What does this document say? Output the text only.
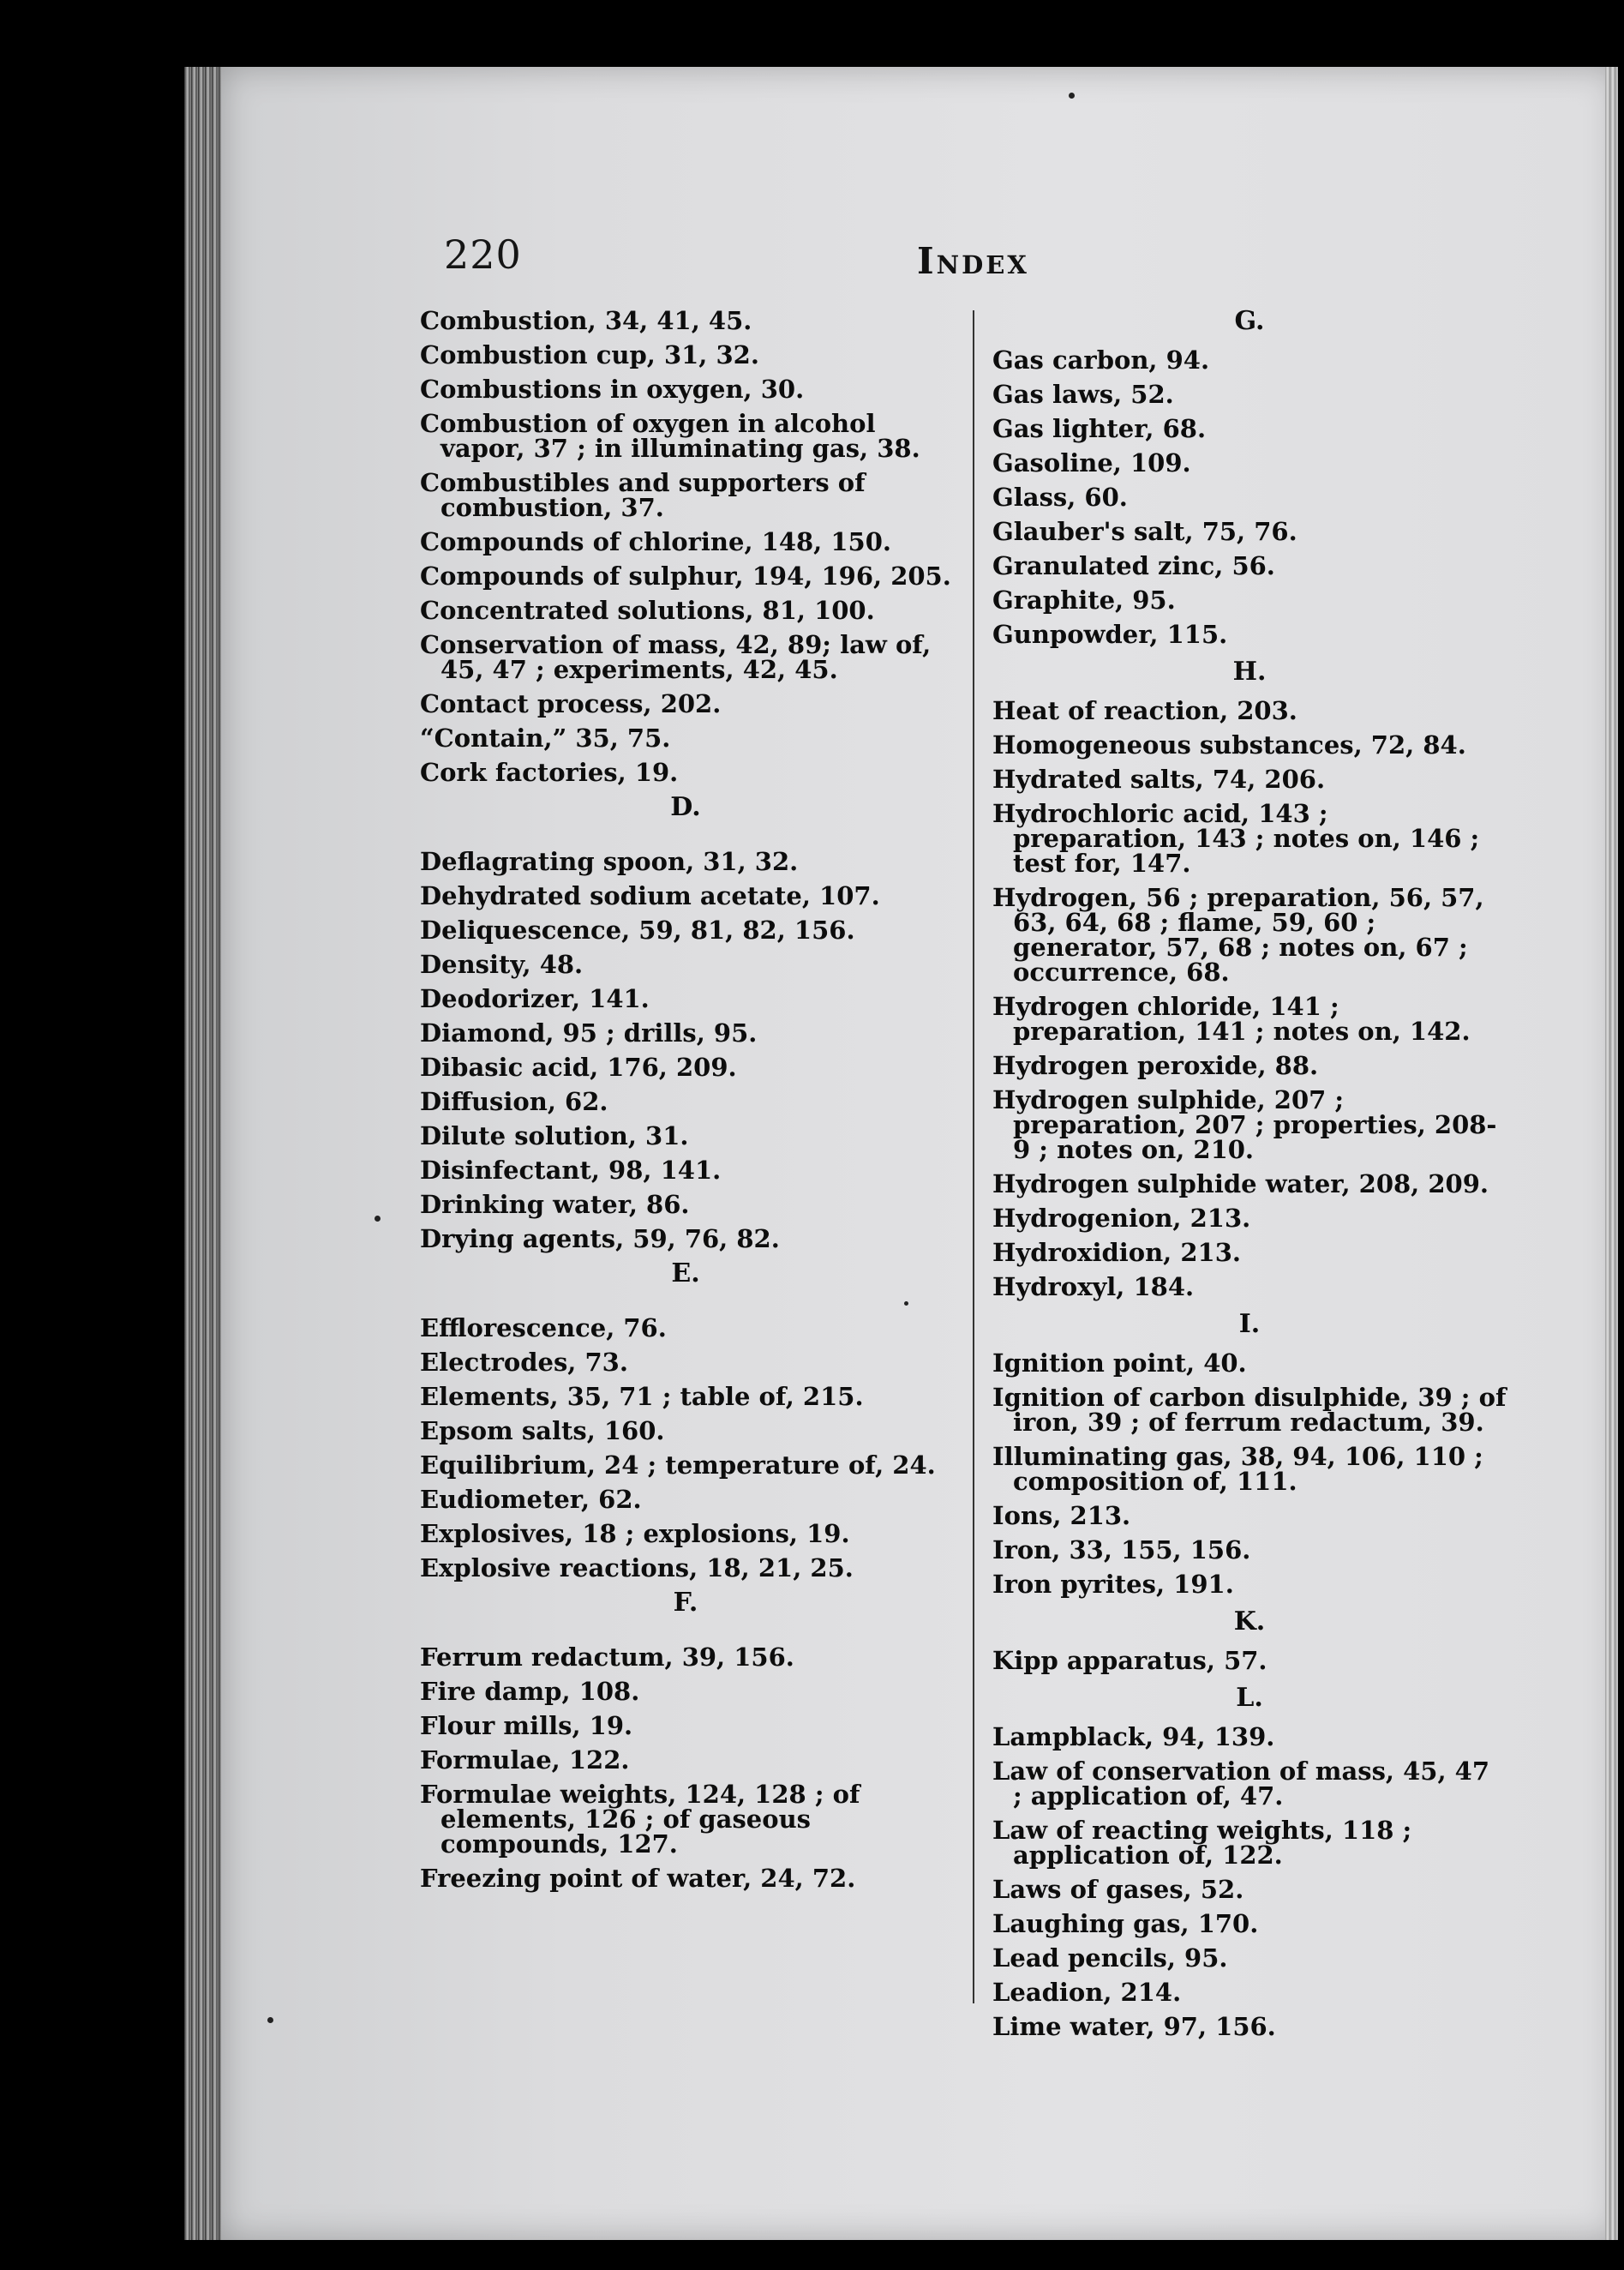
220	Index
Combustion, 34, 41, 45.
Combustion cup, 31, 32.
Combustions in oxygen, 30.
Combustion of oxygen in alcohol vapor, 37 ; in illuminating gas, 38.
Combustibles and supporters of combustion, 37.
Compounds of chlorine, 148, 150.
Compounds of sulphur, 194, 196, 205.
Concentrated solutions, 81, 100.
Conservation of mass, 42, 89; law of, 45, 47 ; experiments, 42, 45.
Contact process, 202.
“Contain,” 35, 75.
Cork factories, 19.
D.
Deflagrating spoon, 31, 32.
Dehydrated sodium acetate, 107.
Deliquescence, 59, 81, 82, 156.
Density, 48.
Deodorizer, 141.
Diamond, 95 ; drills, 95.
Dibasic acid, 176, 209.
Diffusion, 62.
Dilute solution, 31.
Disinfectant, 98, 141.
Drinking water, 86.
Drying agents, 59, 76, 82.
E.
Efflorescence, 76.
Electrodes, 73.
Elements, 35, 71 ; table of, 215.
Epsom salts, 160.
Equilibrium, 24 ; temperature of, 24.
Eudiometer, 62.
Explosives, 18 ; explosions, 19.
Explosive reactions, 18, 21, 25.
F.
Ferrum redactum, 39, 156.
Fire damp, 108.
Flour mills, 19.
Formulae, 122.
Formulae weights, 124, 128 ; of elements, 126 ; of gaseous compounds, 127.
Freezing point of water, 24, 72.
G.
Gas carbon, 94.
Gas laws, 52.
Gas lighter, 68.
Gasoline, 109.
Glass, 60.
Glauber's salt, 75, 76.
Granulated zinc, 56.
Graphite, 95.
Gunpowder, 115.
H.
Heat of reaction, 203.
Homogeneous substances, 72, 84.
Hydrated salts, 74, 206.
Hydrochloric acid, 143 ; preparation, 143 ; notes on, 146 ; test for, 147.
Hydrogen, 56 ; preparation, 56, 57, 63, 64, 68 ; flame, 59, 60 ; generator, 57, 68 ; notes on, 67 ; occurrence, 68.
Hydrogen chloride, 141 ; preparation, 141 ; notes on, 142.
Hydrogen peroxide, 88.
Hydrogen sulphide, 207 ; preparation, 207 ; properties, 208-9 ; notes on, 210.
Hydrogen sulphide water, 208, 209.
Hydrogenion, 213.
Hydroxidion, 213.
Hydroxyl, 184.
I.
Ignition point, 40.
Ignition of carbon disulphide, 39 ; of iron, 39 ; of ferrum redactum, 39.
Illuminating gas, 38, 94, 106, 110 ; composition of, 111.
Ions, 213.
Iron, 33, 155, 156.
Iron pyrites, 191.
K.
Kipp apparatus, 57.
L.
Lampblack, 94, 139.
Law of conservation of mass, 45, 47 ; application of, 47.
Law of reacting weights, 118 ; application of, 122.
Laws of gases, 52.
Laughing gas, 170.
Lead pencils, 95.
Leadion, 214.
Lime water, 97, 156.
